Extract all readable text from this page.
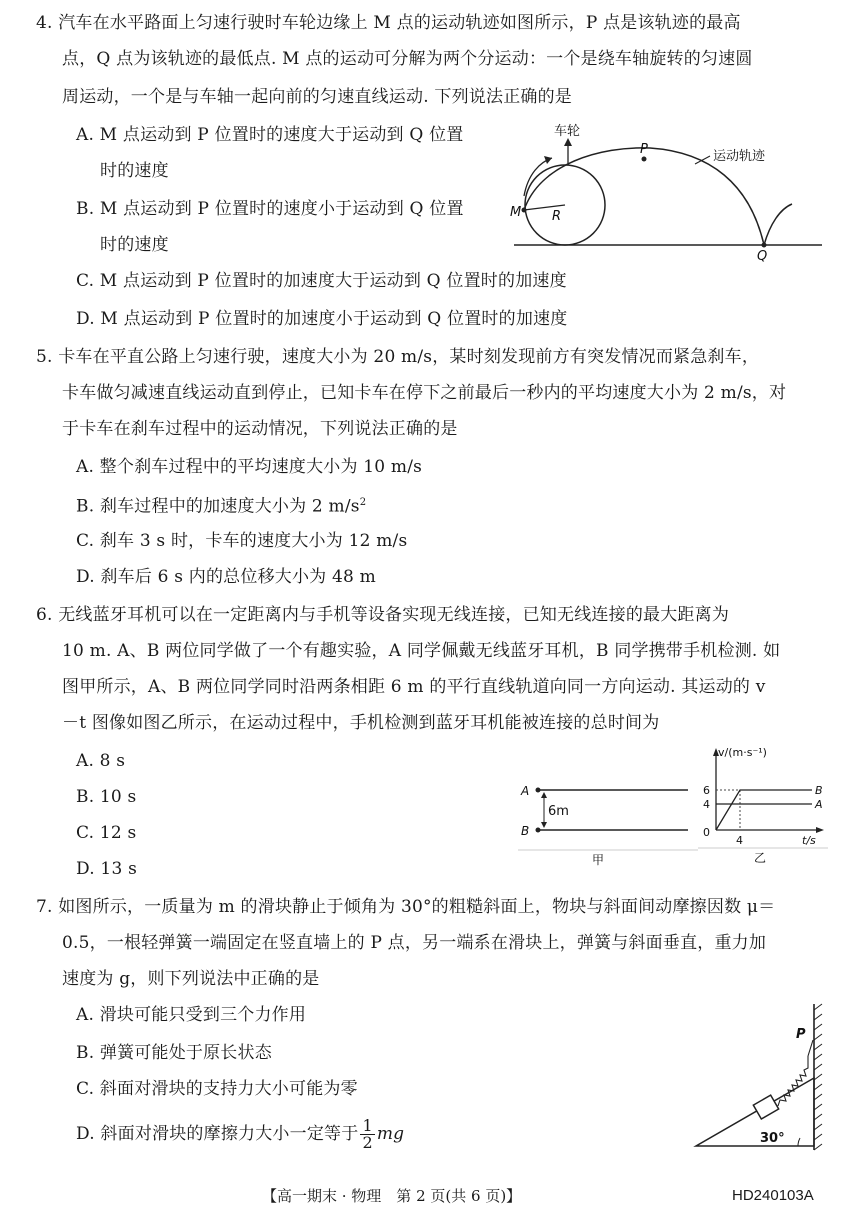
4. 汽车在水平路面上匀速行驶时车轮边缘上 M 点的运动轨迹如图所示，P 点是该轨迹的最高
点，Q 点为该轨迹的最低点. M 点的运动可分解为两个分运动：一个是绕车轴旋转的匀速圆
周运动，一个是与车轴一起向前的匀速直线运动. 下列说法正确的是
A. M 点运动到 P 位置时的速度大于运动到 Q 位置
时的速度
B. M 点运动到 P 位置时的速度小于运动到 Q 位置
时的速度
C. M 点运动到 P 位置时的加速度大于运动到 Q 位置时的加速度
D. M 点运动到 P 位置时的加速度小于运动到 Q 位置时的加速度
车轮
运动轨迹
P
Q
M R
5. 卡车在平直公路上匀速行驶，速度大小为 20 m/s，某时刻发现前方有突发情况而紧急刹车，
卡车做匀减速直线运动直到停止，已知卡车在停下之前最后一秒内的平均速度大小为 2 m/s，对
于卡车在刹车过程中的运动情况，下列说法正确的是
A. 整个刹车过程中的平均速度大小为 10 m/s
B. 刹车过程中的加速度大小为 2 $m/s^2$
C. 刹车 3 s 时，卡车的速度大小为 12 m/s
D. 刹车后 6 s 内的总位移大小为 48 m
6. 无线蓝牙耳机可以在一定距离内与手机等设备实现无线连接，已知无线连接的最大距离为
10 m. A、B 两位同学做了一个有趣实验，A 同学佩戴无线蓝牙耳机，B 同学携带手机检测. 如
图甲所示，A、B 两位同学同时沿两条相距 6 m 的平行直线轨道向同一方向运动. 其运动的 v
－t 图像如图乙所示，在运动过程中，手机检测到蓝牙耳机能被连接的总时间为
A. 8 s
B. 10 s
C. 12 s
D. 13 s
A
B
6m
甲
v/(m·s⁻¹)
6
4
0
4	t/s
B
A
乙
7. 如图所示，一质量为 m 的滑块静止于倾角为 30°的粗糙斜面上，物块与斜面间动摩擦因数 μ＝
0.5，一根轻弹簧一端固定在竖直墙上的 P 点，另一端系在滑块上，弹簧与斜面垂直，重力加
速度为 g，则下列说法中正确的是
A. 滑块可能只受到三个力作用
B. 弹簧可能处于原长状态
C. 斜面对滑块的支持力大小可能为零
D. 斜面对滑块的摩擦力大小一定等于 $\frac{1}{2}$ mg
P
30°
【高一期末 · 物理　第 2 页(共 6 页)】	HD240103A
